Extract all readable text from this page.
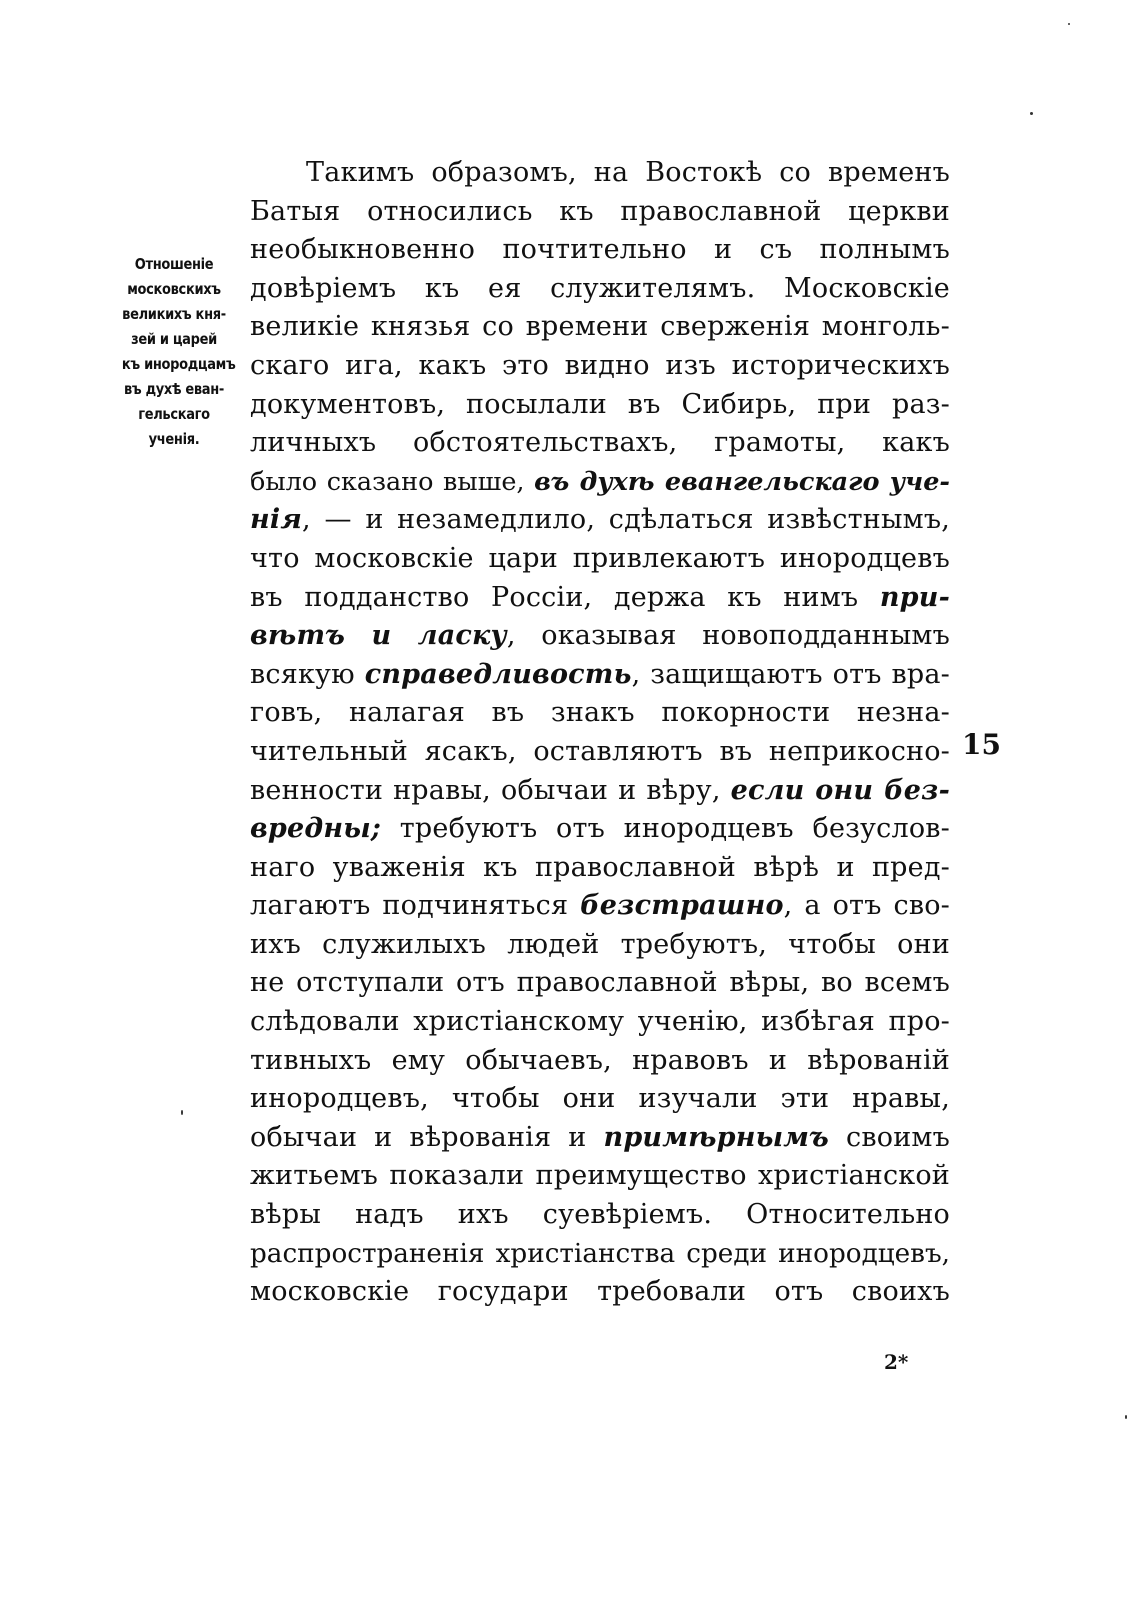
Отношеніе
московскихъ
великихъ кня-
зей и царей
къ инородцамъ
въ духѣ еван-
гельскаго
ученія.
Такимъ образомъ, на Востокѣ со временъ
Батыя относились къ православной церкви
необыкновенно почтительно и съ полнымъ
довѣріемъ къ ея служителямъ. Московскіе
великіе князья со времени сверженія монголь-
скаго ига, какъ это видно изъ историческихъ
документовъ, посылали въ Сибирь, при раз-
личныхъ обстоятельствахъ, грамоты, какъ
было сказано выше, въ духѣ евангельскаго уче-
нія, — и незамедлило, сдѣлаться извѣстнымъ,
что московскіе цари привлекаютъ инородцевъ
въ подданство Россіи, держа къ нимъ при-
вѣтъ и ласку, оказывая новоподданнымъ
всякую справедливость, защищаютъ отъ вра-
говъ, налагая въ знакъ покорности незна-
чительный ясакъ, оставляютъ въ неприкосно-
венности нравы, обычаи и вѣру, если они без-
вредны; требуютъ отъ инородцевъ безуслов-
наго уваженія къ православной вѣрѣ и пред-
лагаютъ подчиняться безстрашно, а отъ сво-
ихъ служилыхъ людей требуютъ, чтобы они
не отступали отъ православной вѣры, во всемъ
слѣдовали христіанскому ученію, избѣгая про-
тивныхъ ему обычаевъ, нравовъ и вѣрованій
инородцевъ, чтобы они изучали эти нравы,
обычаи и вѣрованія и примѣрнымъ своимъ
житьемъ показали преимущество христіанской
вѣры надъ ихъ суевѣріемъ. Относительно
распространенія христіанства среди инородцевъ,
московскіе государи требовали отъ своихъ
15
2*
